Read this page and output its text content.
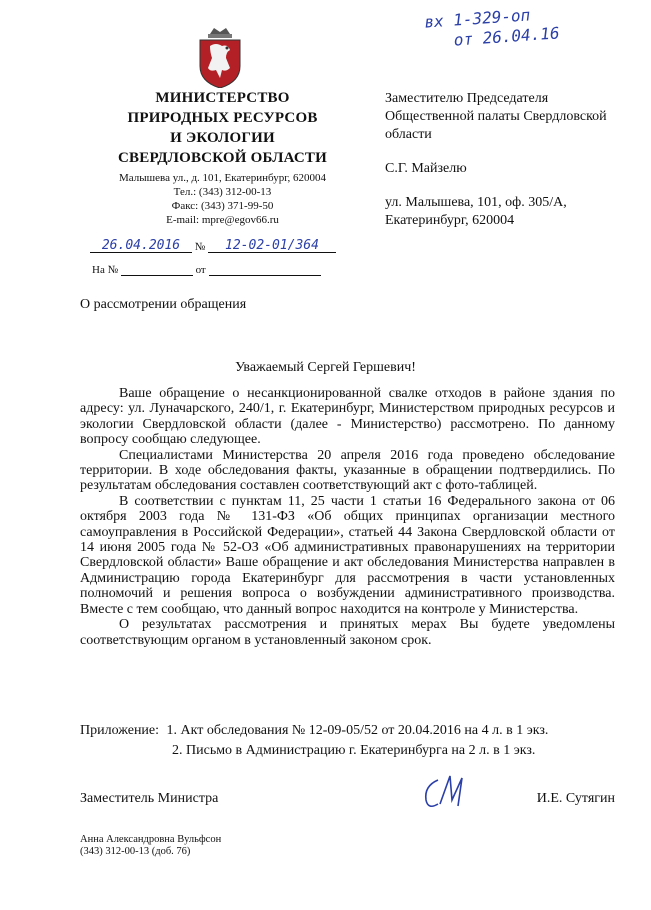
вх 1-329-оп
от 26.04.16
МИНИСТЕРСТВО
ПРИРОДНЫХ РЕСУРСОВ
И ЭКОЛОГИИ
СВЕРДЛОВСКОЙ ОБЛАСТИ
Малышева ул., д. 101, Екатеринбург, 620004
Тел.: (343) 312-00-13
Факс: (343) 371-99-50
E-mail: mpre@egov66.ru
26.04.2016 № 12-02-01/364
На №	от
Заместителю Председателя Общественной палаты Свердловской области
С.Г. Майзелю
ул. Малышева, 101, оф. 305/А,
Екатеринбург, 620004
О рассмотрении обращения
Уважаемый Сергей Гершевич!

Ваше обращение о несанкционированной свалке отходов в районе здания по адресу: ул. Луначарского, 240/1, г. Екатеринбург, Министерством природных ресурсов и экологии Свердловской области (далее - Министерство) рассмотрено. По данному вопросу сообщаю следующее.

Специалистами Министерства 20 апреля 2016 года проведено обследование территории. В ходе обследования факты, указанные в обращении подтвердились. По результатам обследования составлен соответствующий акт с фото-таблицей.

В соответствии с пунктам 11, 25 части 1 статьи 16 Федерального закона от 06 октября 2003 года № 131-ФЗ «Об общих принципах организации местного самоуправления в Российской Федерации», статьей 44 Закона Свердловской области от 14 июня 2005 года № 52-ОЗ «Об административных правонарушениях на территории Свердловской области» Ваше обращение и акт обследования Министерства направлен в Администрацию города Екатеринбург для рассмотрения в части установленных полномочий и решения вопроса о возбуждении административного производства. Вместе с тем сообщаю, что данный вопрос находится на контроле у Министерства.

О результатах рассмотрения и принятых мерах Вы будете уведомлены соответствующим органом в установленный законом срок.

Приложение: 1. Акт обследования № 12-09-05/52 от 20.04.2016 на 4 л. в 1 экз.
2. Письмо в Администрацию г. Екатеринбурга на 2 л. в 1 экз.
Заместитель Министра	И.Е. Сутягин
Анна Александровна Вульфсон
(343) 312-00-13 (доб. 76)
